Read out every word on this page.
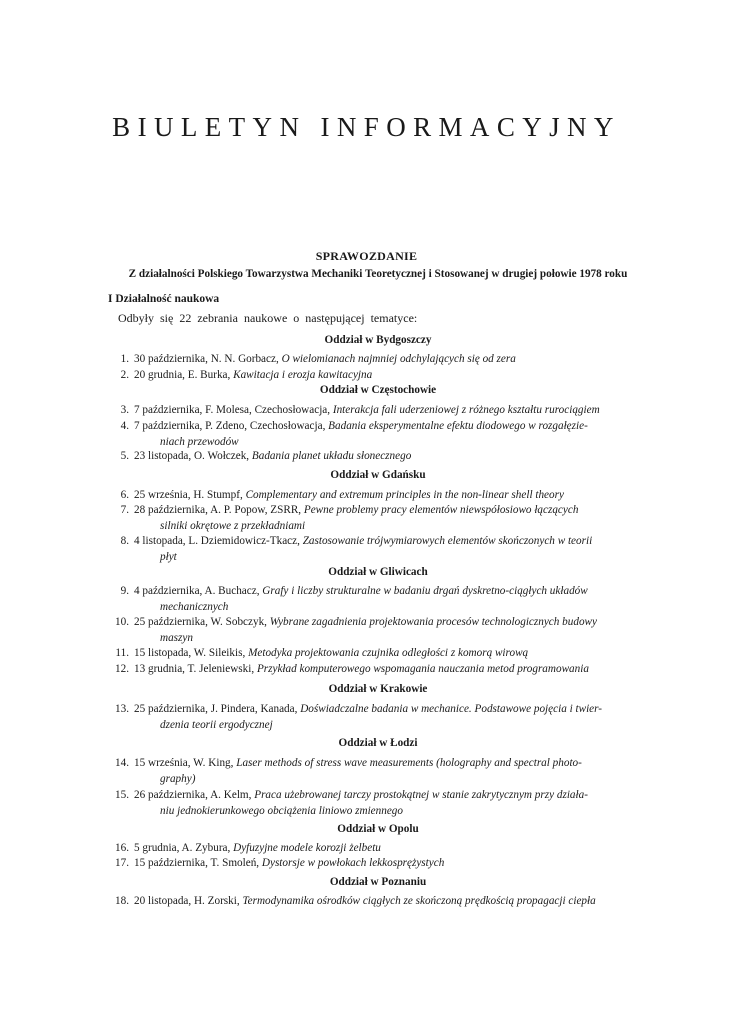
BIULETYN INFORMACYJNY
SPRAWOZDANIE
Z działalności Polskiego Towarzystwa Mechaniki Teoretycznej i Stosowanej w drugiej połowie 1978 roku
I Działalność naukowa
Odbyły się 22 zebrania naukowe o następującej tematyce:
Oddział w Bydgoszczy
Oddział w Częstochowie
Oddział w Gdańsku
Oddział w Gliwicach
Oddział w Krakowie
Oddział w Łodzi
Oddział w Opolu
Oddział w Poznaniu
1. 30 października, N. N. Gorbacz, O wielomianach najmniej odchylających się od zera
2. 20 grudnia, E. Burka, Kawitacja i erozja kawitacyjna
3. 7 października, F. Molesa, Czechosłowacja, Interakcja fali uderzeniowej z różnego kształtu rurociągiem
4. 7 października, P. Zdeno, Czechosłowacja, Badania eksperymentalne efektu diodowego w rozgałęzie-
niach przewodów
5. 23 listopada, O. Wołczek, Badania planet układu słonecznego
6. 25 września, H. Stumpf, Complementary and extremum principles in the non-linear shell theory
7. 28 października, A. P. Popow, ZSRR, Pewne problemy pracy elementów niewspółosiowo łączących
silniki okrętowe z przekładniami
8. 4 listopada, L. Dziemidowicz-Tkacz, Zastosowanie trójwymiarowych elementów skończonych w teorii
płyt
9. 4 października, A. Buchacz, Grafy i liczby strukturalne w badaniu drgań dyskretno-ciągłych układów
mechanicznych
10. 25 października, W. Sobczyk, Wybrane zagadnienia projektowania procesów technologicznych budowy
maszyn
11. 15 listopada, W. Sileikis, Metodyka projektowania czujnika odległości z komorą wirową
12. 13 grudnia, T. Jeleniewski, Przykład komputerowego wspomagania nauczania metod programowania
13. 25 października, J. Pindera, Kanada, Doświadczalne badania w mechanice. Podstawowe pojęcia i twier-
dzenia teorii ergodycznej
14. 15 września, W. King, Laser methods of stress wave measurements (holography and spectral photo-
graphy)
15. 26 października, A. Kelm, Praca użebrowanej tarczy prostokątnej w stanie zakrytycznym przy działa-
niu jednokierunkowego obciążenia liniowo zmiennego
16. 5 grudnia, A. Zybura, Dyfuzyjne modele korozji żelbetu
17. 15 października, T. Smoleń, Dystorsje w powłokach lekkosprężystych
18. 20 listopada, H. Zorski, Termodynamika ośrodków ciągłych ze skończoną prędkością propagacji ciepła
